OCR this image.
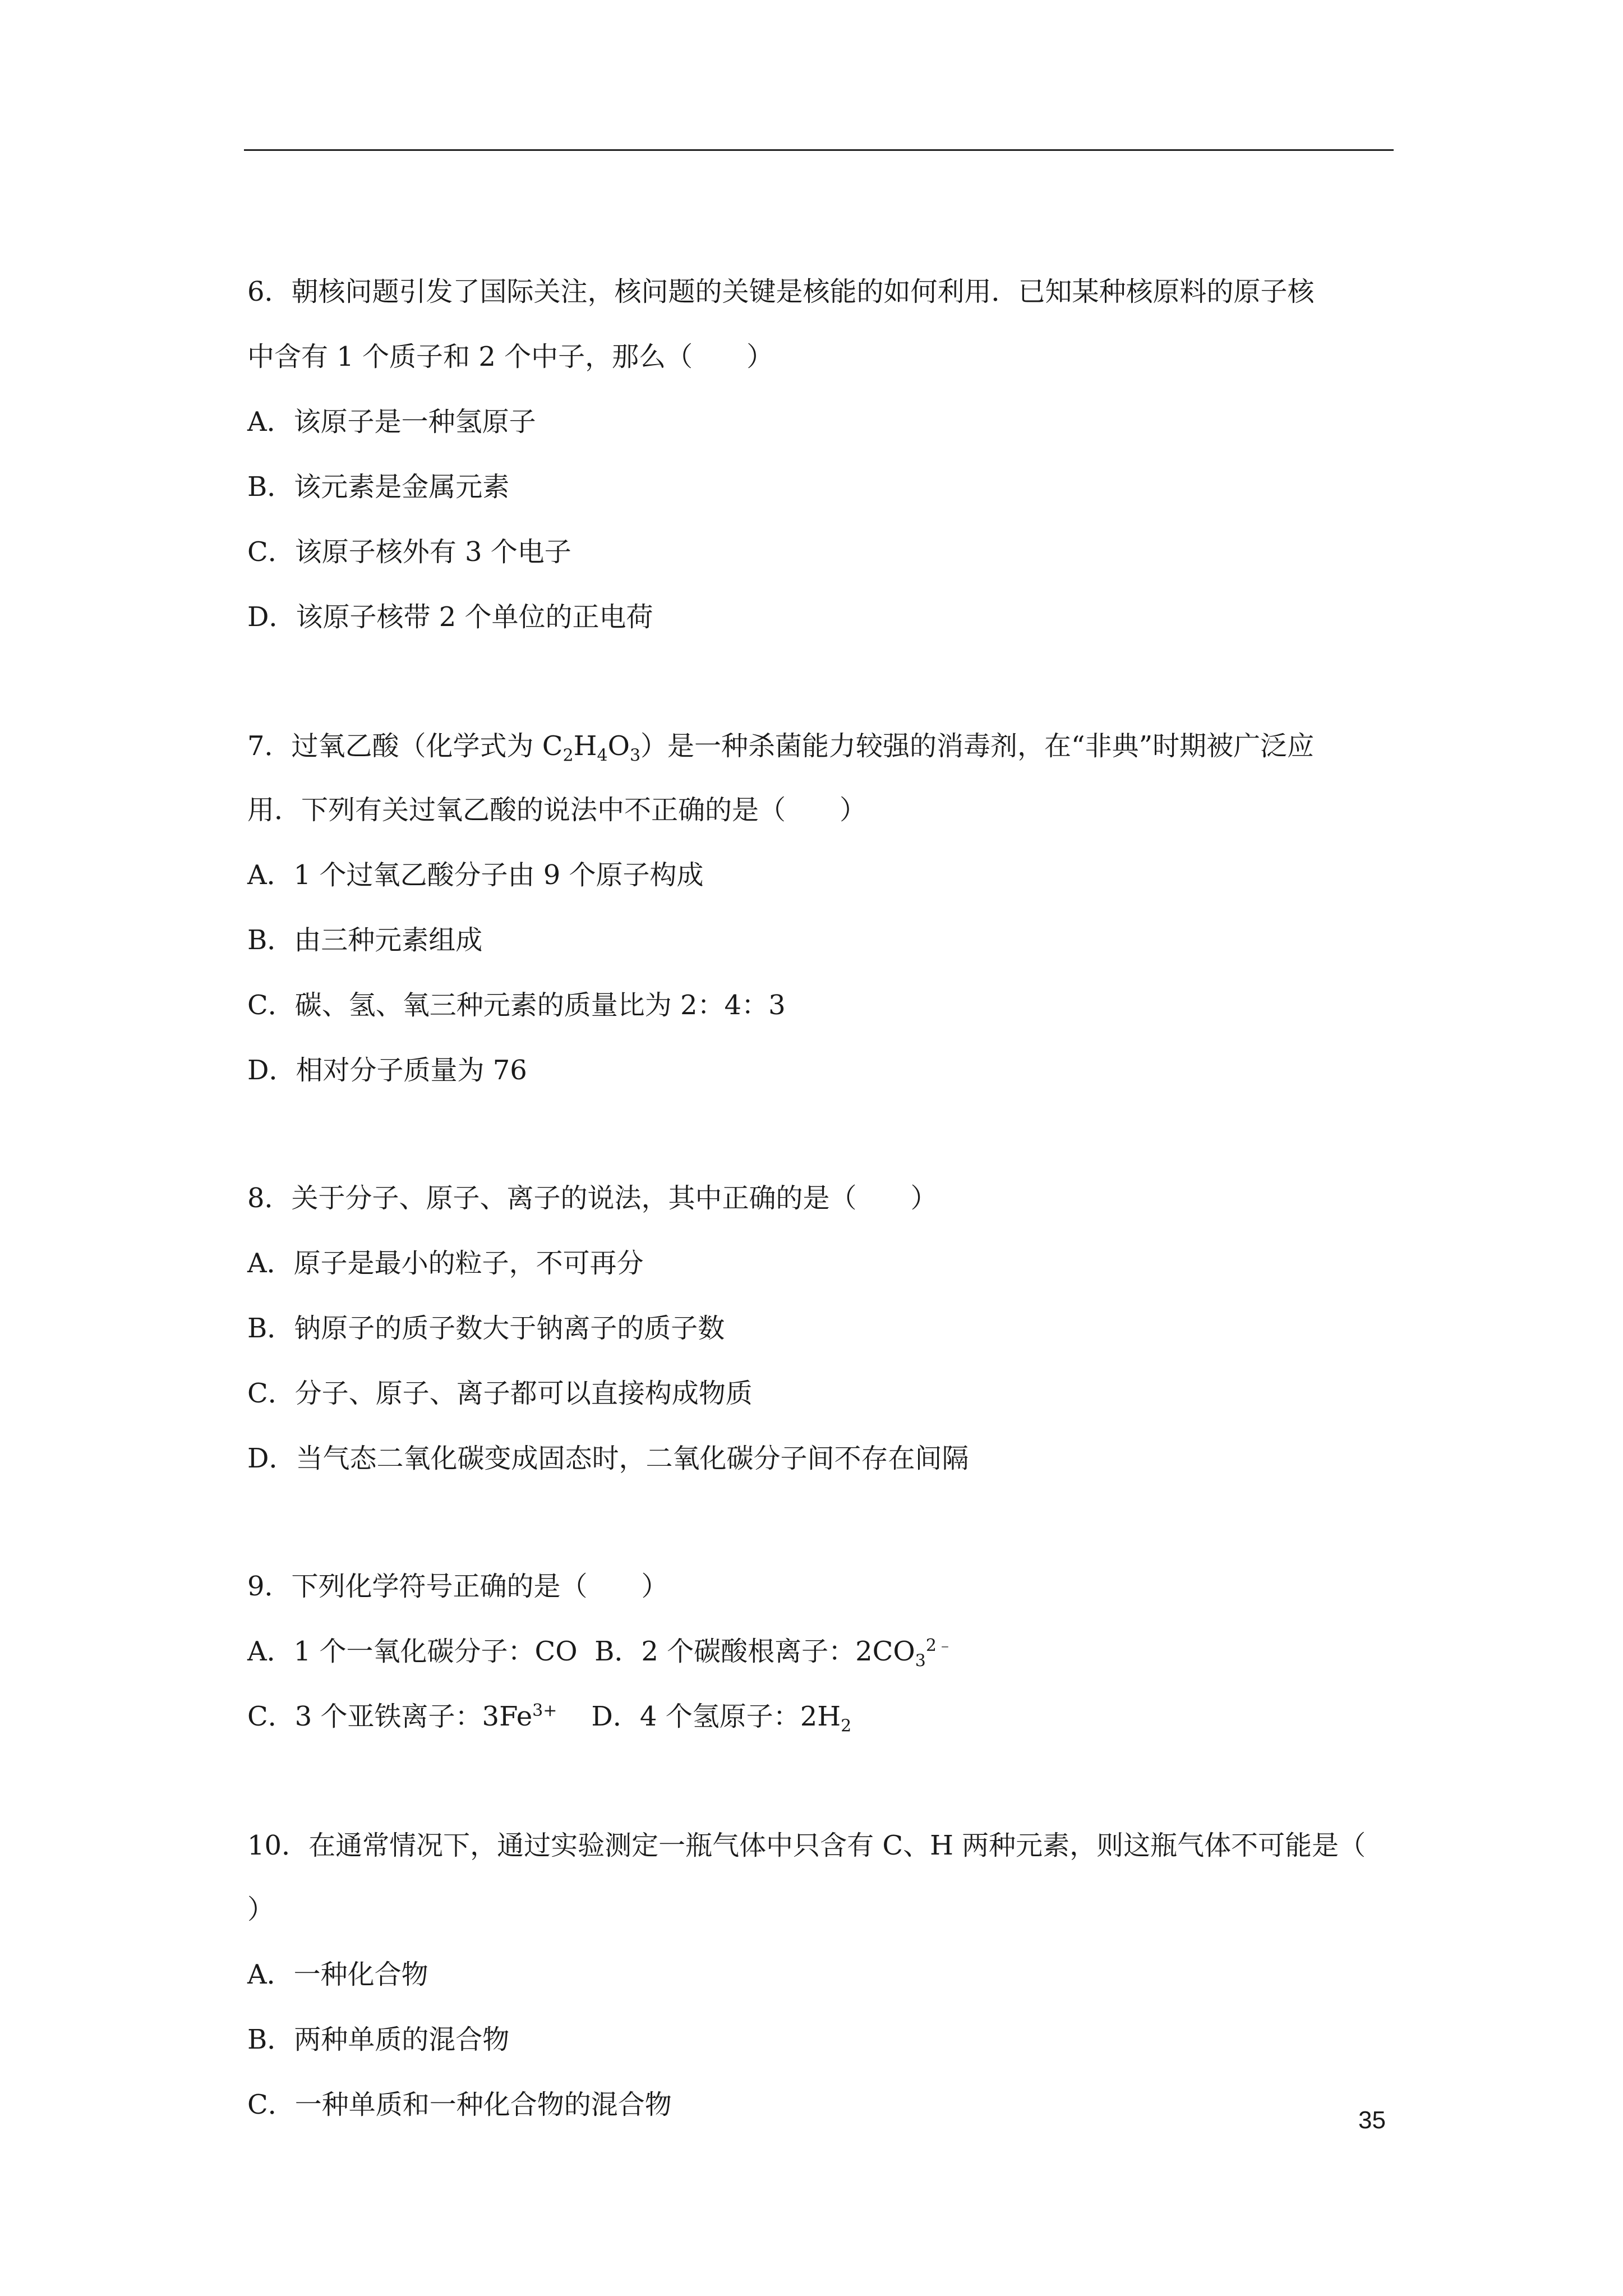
6．朝核问题引发了国际关注，核问题的关键是核能的如何利用．已知某种核原料的原子核
中含有 1 个质子和 2 个中子，那么（　　）
A．该原子是一种氢原子
B．该元素是金属元素
C．该原子核外有 3 个电子
D．该原子核带 2 个单位的正电荷
7．过氧乙酸（化学式为 $C_2H_4O_3$）是一种杀菌能力较强的消毒剂，在“非典”时期被广泛应
用．下列有关过氧乙酸的说法中不正确的是（　　）
A．1 个过氧乙酸分子由 9 个原子构成
B．由三种元素组成
C．碳、氢、氧三种元素的质量比为 2：4：3
D．相对分子质量为 76
8．关于分子、原子、离子的说法，其中正确的是（　　）
A．原子是最小的粒子，不可再分
B．钠原子的质子数大于钠离子的质子数
C．分子、原子、离子都可以直接构成物质
D．当气态二氧化碳变成固态时，二氧化碳分子间不存在间隔
9．下列化学符号正确的是（　　）
A．1 个一氧化碳分子：CO B．2 个碳酸根离子：$2CO_3^{2﹣}$
C．3 个亚铁离子：$3Fe^{3+}$ D．4 个氢原子：$2H_2$
10．在通常情况下，通过实验测定一瓶气体中只含有 C、H 两种元素，则这瓶气体不可能是（
）
A．一种化合物
B．两种单质的混合物
C．一种单质和一种化合物的混合物	35
